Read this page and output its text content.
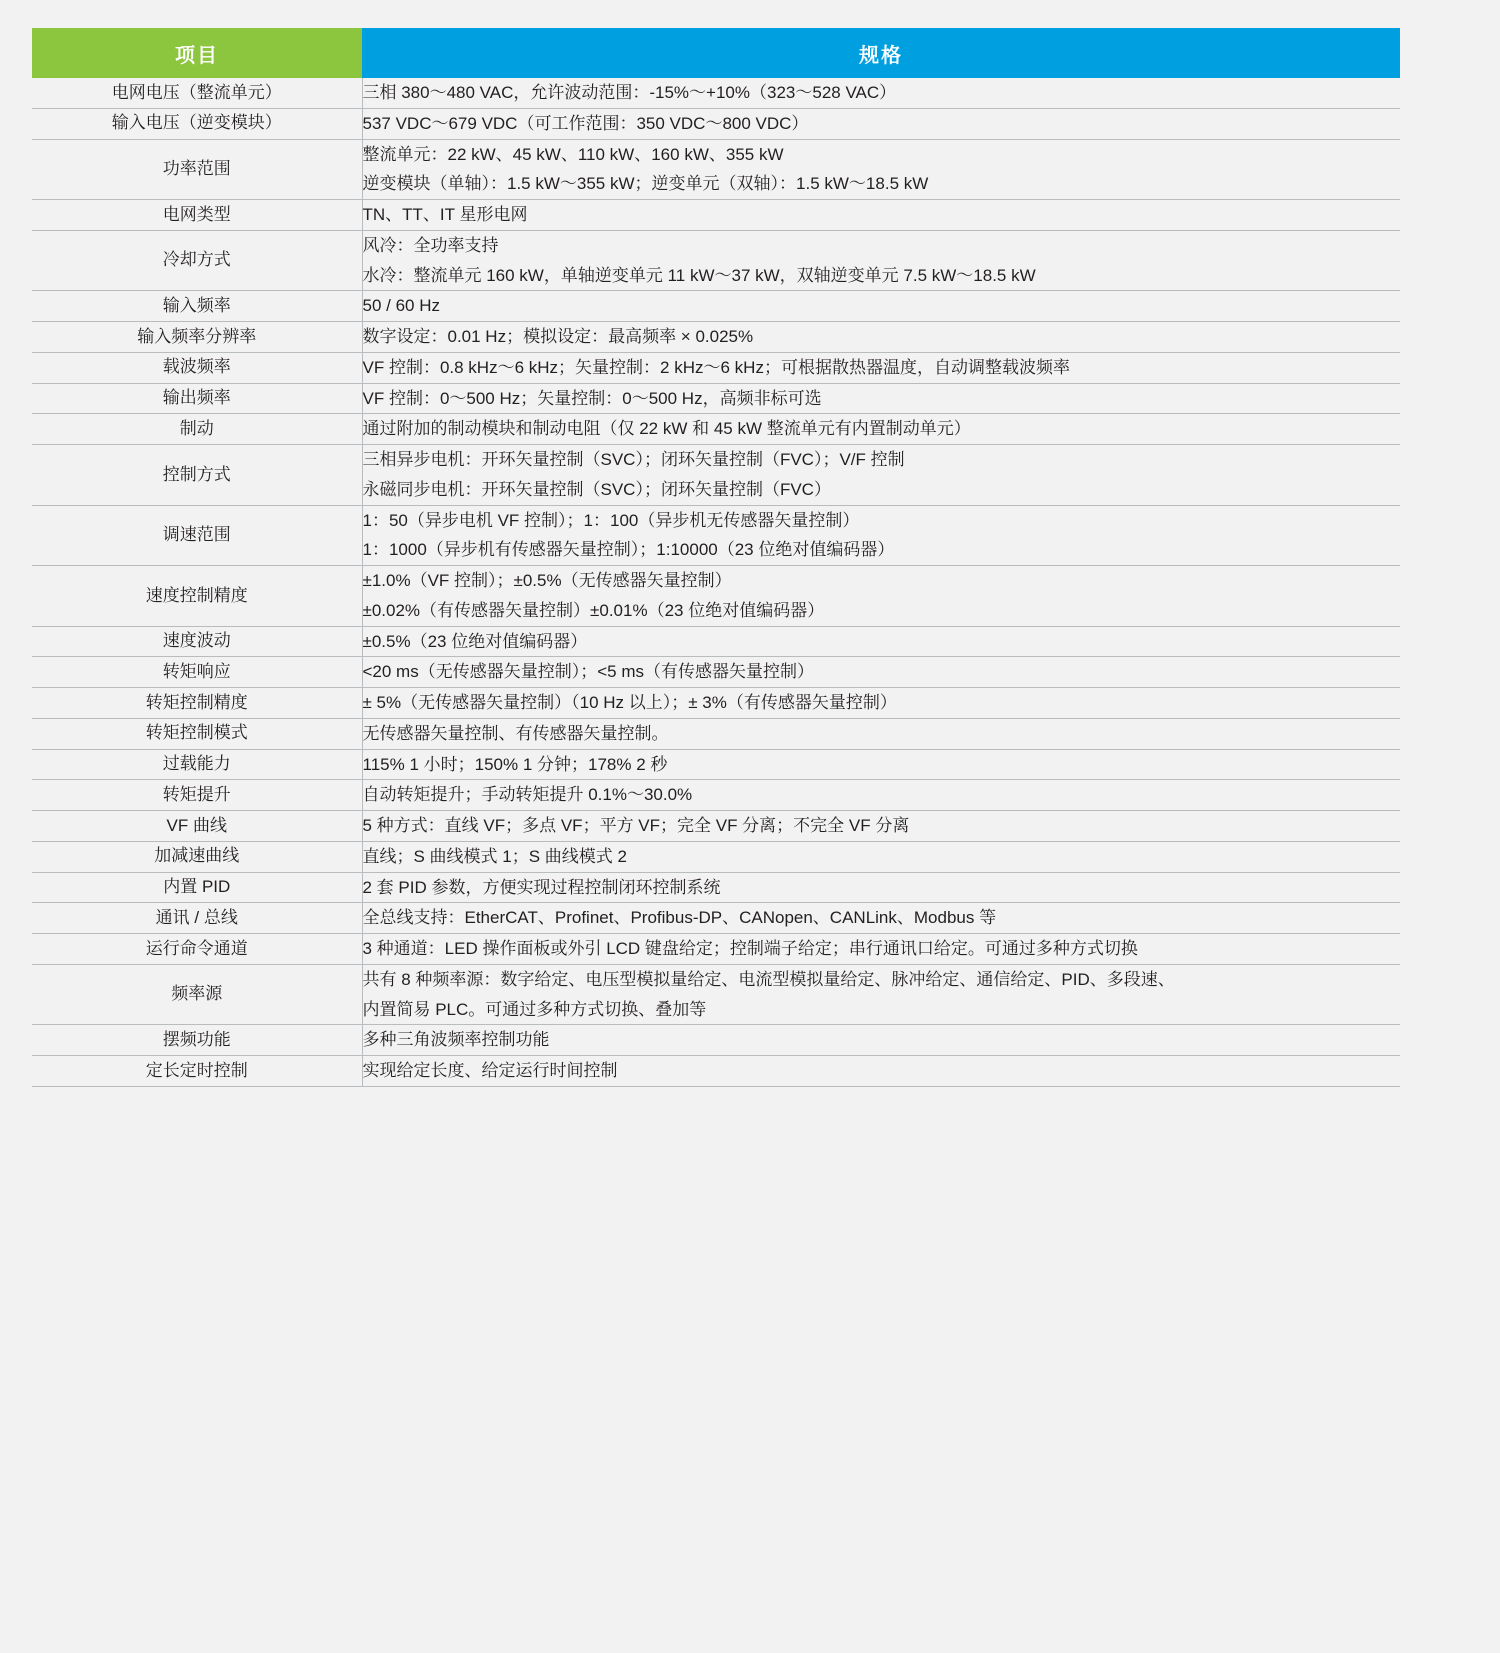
项目	规格
电网电压（整流单元）	三相 380～480 VAC，允许波动范围：-15%～+10%（323～528 VAC）

输入电压（逆变模块）	537 VDC～679 VDC（可工作范围：350 VDC～800 VDC）

功率范围	整流单元：22 kW、45 kW、110 kW、160 kW、355 kW
逆变模块（单轴）：1.5 kW～355 kW；逆变单元（双轴）：1.5 kW～18.5 kW

电网类型	TN、TT、IT 星形电网

冷却方式	风冷：全功率支持
水冷：整流单元 160 kW，单轴逆变单元 11 kW～37 kW，双轴逆变单元 7.5 kW～18.5 kW

输入频率	50 / 60 Hz

输入频率分辨率	数字设定：0.01 Hz；模拟设定：最高频率 × 0.025%

载波频率	VF 控制：0.8 kHz～6 kHz；矢量控制：2 kHz～6 kHz；可根据散热器温度，自动调整载波频率

输出频率	VF 控制：0～500 Hz；矢量控制：0～500 Hz，高频非标可选

制动	通过附加的制动模块和制动电阻（仅 22 kW 和 45 kW 整流单元有内置制动单元）

控制方式	三相异步电机：开环矢量控制（SVC）；闭环矢量控制（FVC）；V/F 控制
永磁同步电机：开环矢量控制（SVC）；闭环矢量控制（FVC）

调速范围	1：50（异步电机 VF 控制）；1：100（异步机无传感器矢量控制）
1：1000（异步机有传感器矢量控制）；1:10000（23 位绝对值编码器）

速度控制精度	±1.0%（VF 控制）；±0.5%（无传感器矢量控制）
±0.02%（有传感器矢量控制）±0.01%（23 位绝对值编码器）

速度波动	±0.5%（23 位绝对值编码器）

转矩响应	<20 ms（无传感器矢量控制）；<5 ms（有传感器矢量控制）

转矩控制精度	± 5%（无传感器矢量控制）（10 Hz 以上）；± 3%（有传感器矢量控制）

转矩控制模式	无传感器矢量控制、有传感器矢量控制。

过载能力	115% 1 小时；150% 1 分钟；178% 2 秒

转矩提升	自动转矩提升；手动转矩提升 0.1%～30.0%

VF 曲线	5 种方式：直线 VF；多点 VF；平方 VF；完全 VF 分离；不完全 VF 分离

加减速曲线	直线；S 曲线模式 1；S 曲线模式 2

内置 PID	2 套 PID 参数，方便实现过程控制闭环控制系统

通讯 / 总线	全总线支持：EtherCAT、Profinet、Profibus-DP、CANopen、CANLink、Modbus 等

运行命令通道	3 种通道：LED 操作面板或外引 LCD 键盘给定；控制端子给定；串行通讯口给定。可通过多种方式切换

频率源	共有 8 种频率源：数字给定、电压型模拟量给定、电流型模拟量给定、脉冲给定、通信给定、PID、多段速、
内置简易 PLC。可通过多种方式切换、叠加等

摆频功能	多种三角波频率控制功能

定长定时控制	实现给定长度、给定运行时间控制
